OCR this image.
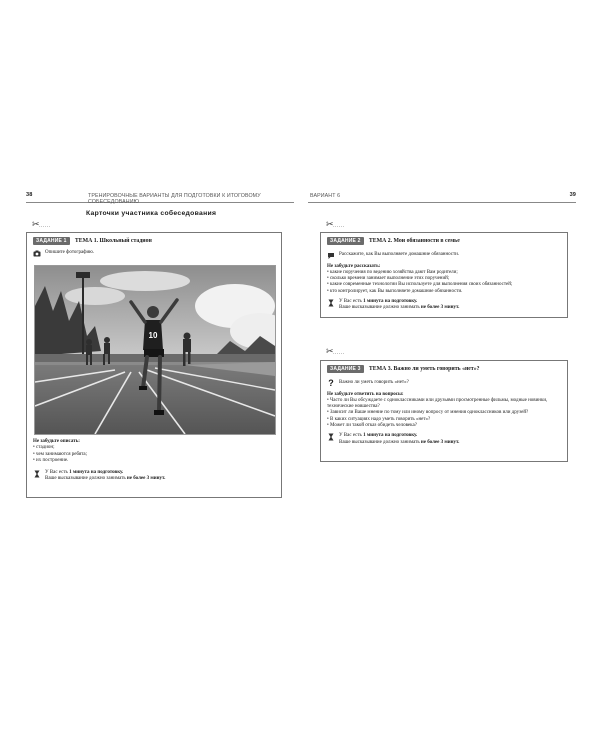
38	ТРЕНИРОВОЧНЫЕ ВАРИАНТЫ ДЛЯ ПОДГОТОВКИ К ИТОГОВОМУ СОБЕСЕДОВАНИЮ
✂......
Карточки участника собеседования
ЗАДАНИЕ 1 ТЕМА 1. Школьный стадион
Опишите фотографию.
10
Не забудьте описать:
• стадион;
• чем занимаются ребята;
• их построение.
У Вас есть 1 минута на подготовку.
Ваше высказывание должно занимать не более 3 минут.
ВАРИАНТ 6	39
✂......
ЗАДАНИЕ 2 ТЕМА 2. Мои обязанности в семье
Расскажите, как Вы выполняете домашние обязанности.
Не забудьте рассказать:
• какие поручения по ведению хозяйства дают Вам родители;
• сколько времени занимает выполнение этих поручений;
• какие современные технологии Вы используете для выполнения своих обязанностей;
• кто контролирует, как Вы выполняете домашние обязанности.
У Вас есть 1 минута на подготовку.
Ваше высказывание должно занимать не более 3 минут.
✂......
ЗАДАНИЕ 3 ТЕМА 3. Важно ли уметь говорить «нет»?
? Важно ли уметь говорить «нет»?
Не забудьте ответить на вопросы:
• Часто ли Вы обсуждаете с одноклассниками или друзьями просмотренные фильмы, модные новинки, технические новшества?
• Зависит ли Ваше мнение по тому или иному вопросу от мнения одноклассников или друзей?
• В каких ситуациях надо уметь говорить «нет»?
• Может ли такой отказ обидеть человека?
У Вас есть 1 минута на подготовку.
Ваше высказывание должно занимать не более 3 минут.
